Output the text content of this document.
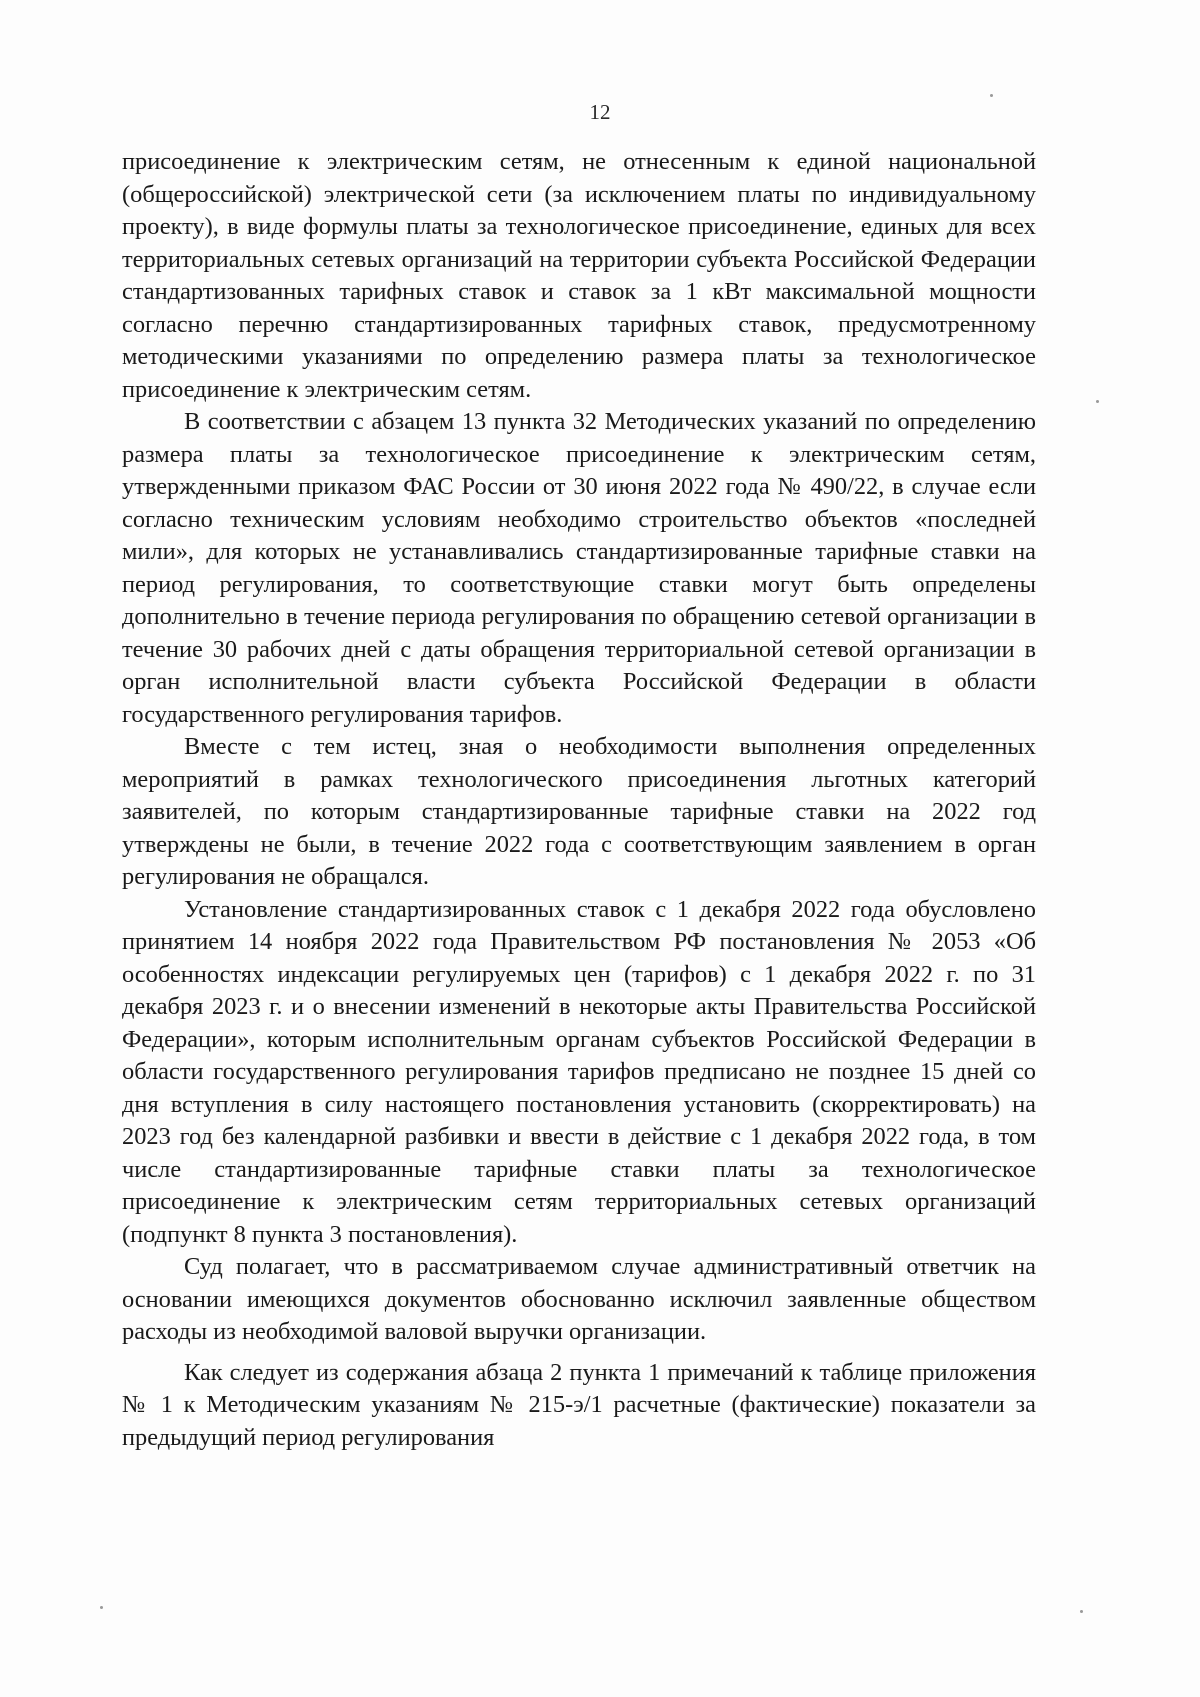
12

присоединение к электрическим сетям, не отнесенным к единой национальной (общероссийской) электрической сети (за исключением платы по индивидуальному проекту), в виде формулы платы за технологическое присоединение, единых для всех территориальных сетевых организаций на территории субъекта Российской Федерации стандартизованных тарифных ставок и ставок за 1 кВт максимальной мощности согласно перечню стандартизированных тарифных ставок, предусмотренному методическими указаниями по определению размера платы за технологическое присоединение к электрическим сетям.

В соответствии с абзацем 13 пункта 32 Методических указаний по определению размера платы за технологическое присоединение к электрическим сетям, утвержденными приказом ФАС России от 30 июня 2022 года № 490/22, в случае если согласно техническим условиям необходимо строительство объектов «последней мили», для которых не устанавливались стандартизированные тарифные ставки на период регулирования, то соответствующие ставки могут быть определены дополнительно в течение периода регулирования по обращению сетевой организации в течение 30 рабочих дней с даты обращения территориальной сетевой организации в орган исполнительной власти субъекта Российской Федерации в области государственного регулирования тарифов.

Вместе с тем истец, зная о необходимости выполнения определенных мероприятий в рамках технологического присоединения льготных категорий заявителей, по которым стандартизированные тарифные ставки на 2022 год утверждены не были, в течение 2022 года с соответствующим заявлением в орган регулирования не обращался.

Установление стандартизированных ставок с 1 декабря 2022 года обусловлено принятием 14 ноября 2022 года Правительством РФ постановления № 2053 «Об особенностях индексации регулируемых цен (тарифов) с 1 декабря 2022 г. по 31 декабря 2023 г. и о внесении изменений в некоторые акты Правительства Российской Федерации», которым исполнительным органам субъектов Российской Федерации в области государственного регулирования тарифов предписано не позднее 15 дней со дня вступления в силу настоящего постановления установить (скорректировать) на 2023 год без календарной разбивки и ввести в действие с 1 декабря 2022 года, в том числе стандартизированные тарифные ставки платы за технологическое присоединение к электрическим сетям территориальных сетевых организаций (подпункт 8 пункта 3 постановления).

Суд полагает, что в рассматриваемом случае административный ответчик на основании имеющихся документов обоснованно исключил заявленные обществом расходы из необходимой валовой выручки организации.

Как следует из содержания абзаца 2 пункта 1 примечаний к таблице приложения № 1 к Методическим указаниям № 215-э/1 расчетные (фактические) показатели за предыдущий период регулирования
